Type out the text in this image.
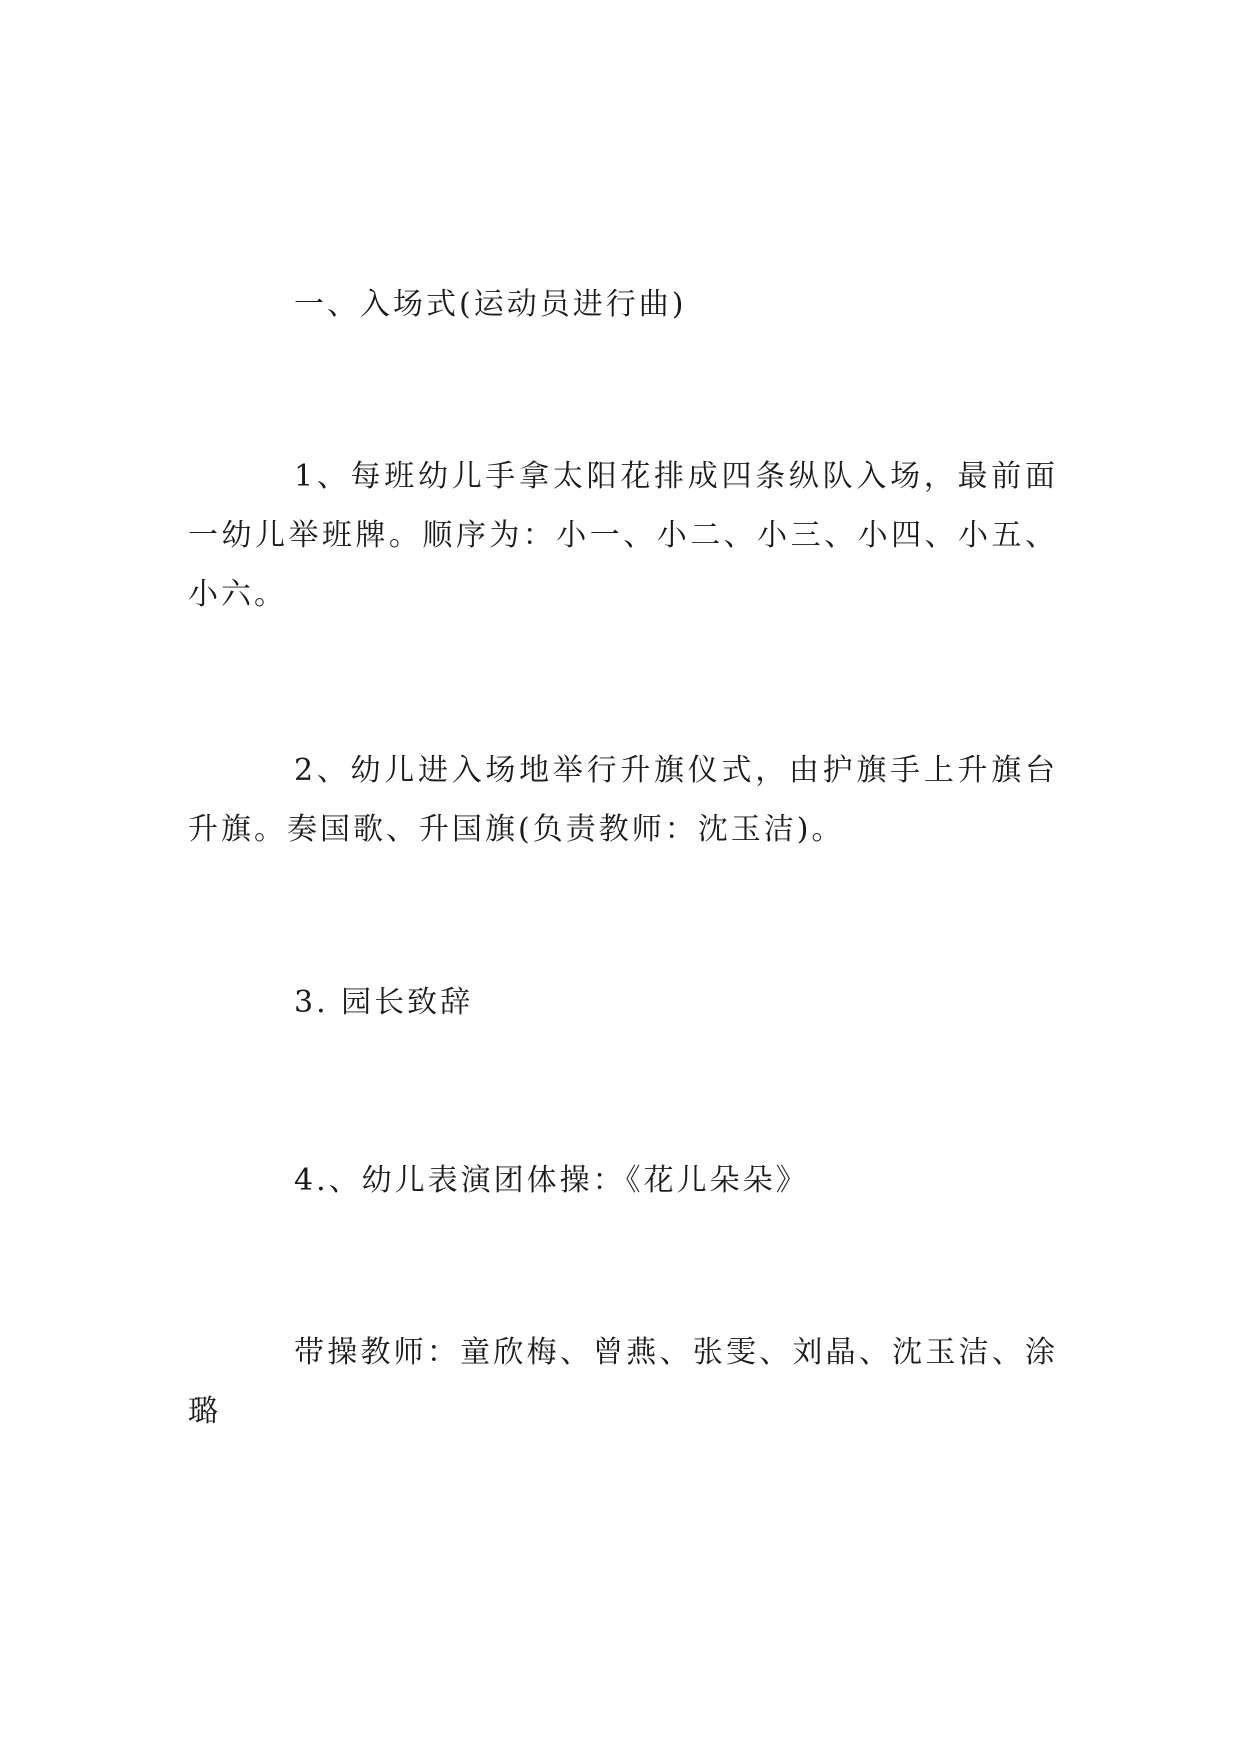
一、入场式(运动员进行曲)

1、每班幼儿手拿太阳花排成四条纵队入场，最前面一幼儿举班牌。顺序为：小一、小二、小三、小四、小五、小六。

2、幼儿进入场地举行升旗仪式，由护旗手上升旗台升旗。奏国歌、升国旗(负责教师：沈玉洁)。

3. 园长致辞

4.、幼儿表演团体操：《花儿朵朵》

带操教师：童欣梅、曾燕、张雯、刘晶、沈玉洁、涂璐
